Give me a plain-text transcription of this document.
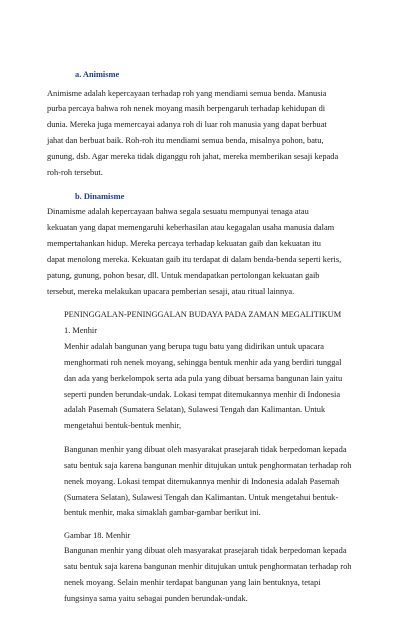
a. Animisme
Animisme adalah kepercayaan terhadap roh yang mendiami semua benda. Manusia
purba percaya bahwa roh nenek moyang masih berpengaruh terhadap kehidupan di
dunia. Mereka juga memercayai adanya roh di luar roh manusia yang dapat berbuat
jahat dan berbuat baik. Roh-roh itu mendiami semua benda, misalnya pohon, batu,
gunung, dsb. Agar mereka tidak diganggu roh jahat, mereka memberikan sesaji kepada
roh-roh tersebut.
b. Dinamisme
Dinamisme adalah kepercayaan bahwa segala sesuatu mempunyai tenaga atau
kekuatan yang dapat memengaruhi keberhasilan atau kegagalan usaha manusia dalam
mempertahankan hidup. Mereka percaya terhadap kekuatan gaib dan kekuatan itu
dapat menolong mereka. Kekuatan gaib itu terdapat di dalam benda-benda seperti keris,
patung, gunung, pohon besar, dll. Untuk mendapatkan pertolongan kekuatan gaib
tersebut, mereka melakukan upacara pemberian sesaji, atau ritual lainnya.
PENINGGALAN-PENINGGALAN BUDAYA PADA ZAMAN MEGALITIKUM
1. Menhir
Menhir adalah bangunan yang berupa tugu batu yang didirikan untuk upacara
menghormati roh nenek moyang, sehingga bentuk menhir ada yang berdiri tunggal
dan ada yang berkelompok serta ada pula yang dibuat bersama bangunan lain yaitu
seperti punden berundak-undak. Lokasi tempat ditemukannya menhir di Indonesia
adalah Pasemah (Sumatera Selatan), Sulawesi Tengah dan Kalimantan. Untuk
mengetahui bentuk-bentuk menhir,
Bangunan menhir yang dibuat oleh masyarakat prasejarah tidak berpedoman kepada
satu bentuk saja karena bangunan menhir ditujukan untuk penghormatan terhadap roh
nenek moyang. Lokasi tempat ditemukannya menhir di Indonesia adalah Pasemah
(Sumatera Selatan), Sulawesi Tengah dan Kalimantan. Untuk mengetahui bentuk-
bentuk menhir, maka simaklah gambar-gambar berikut ini.
Gambar 18. Menhir
Bangunan menhir yang dibuat oleh masyarakat prasejarah tidak berpedoman kepada
satu bentuk saja karena bangunan menhir ditujukan untuk penghormatan terhadap roh
nenek moyang. Selain menhir terdapat bangunan yang lain bentuknya, tetapi
fungsinya sama yaitu sebagai punden berundak-undak.
